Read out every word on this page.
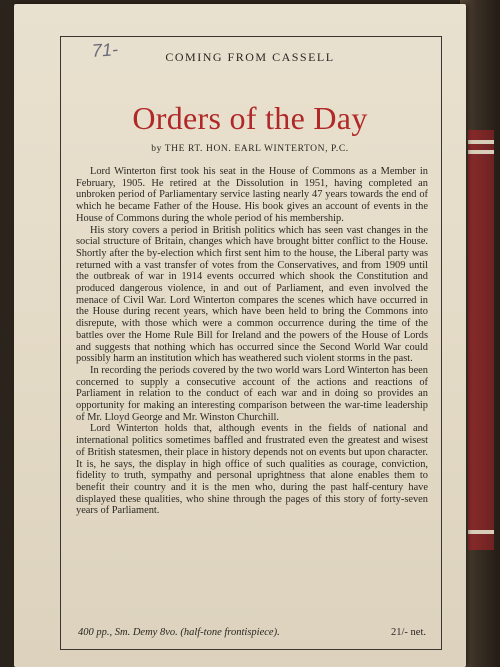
71-	COMING FROM CASSELL
Orders of the Day
by THE RT. HON. EARL WINTERTON, P.C.

Lord Winterton first took his seat in the House of Commons as a Member in February, 1905. He retired at the Dissolution in 1951, having completed an unbroken period of Parliamentary service lasting nearly 47 years towards the end of which he became Father of the House. His book gives an account of events in the House of Commons during the whole period of his membership.

His story covers a period in British politics which has seen vast changes in the social structure of Britain, changes which have brought bitter conflict to the House. Shortly after the by-election which first sent him to the house, the Liberal party was returned with a vast transfer of votes from the Conservatives, and from 1909 until the outbreak of war in 1914 events occurred which shook the Constitution and produced dangerous violence, in and out of Parliament, and even involved the menace of Civil War. Lord Winterton compares the scenes which have occurred in the House during recent years, which have been held to bring the Commons into disrepute, with those which were a common occurrence during the time of the battles over the Home Rule Bill for Ireland and the powers of the House of Lords and suggests that nothing which has occurred since the Second World War could possibly harm an institution which has weathered such violent storms in the past.

In recording the periods covered by the two world wars Lord Winterton has been concerned to supply a consecutive account of the actions and reactions of Parliament in relation to the conduct of each war and in doing so provides an opportunity for making an interesting comparison between the war-time leadership of Mr. Lloyd George and Mr. Winston Churchill.

Lord Winterton holds that, although events in the fields of national and international politics sometimes baffled and frustrated even the greatest and wisest of British statesmen, their place in history depends not on events but upon character. It is, he says, the display in high office of such qualities as courage, conviction, fidelity to truth, sympathy and personal uprightness that alone enables them to benefit their country and it is the men who, during the past half-century have displayed these qualities, who shine through the pages of this story of forty-seven years of Parliament.

400 pp., Sm. Demy 8vo. (half-tone frontispiece).	21/- net.
